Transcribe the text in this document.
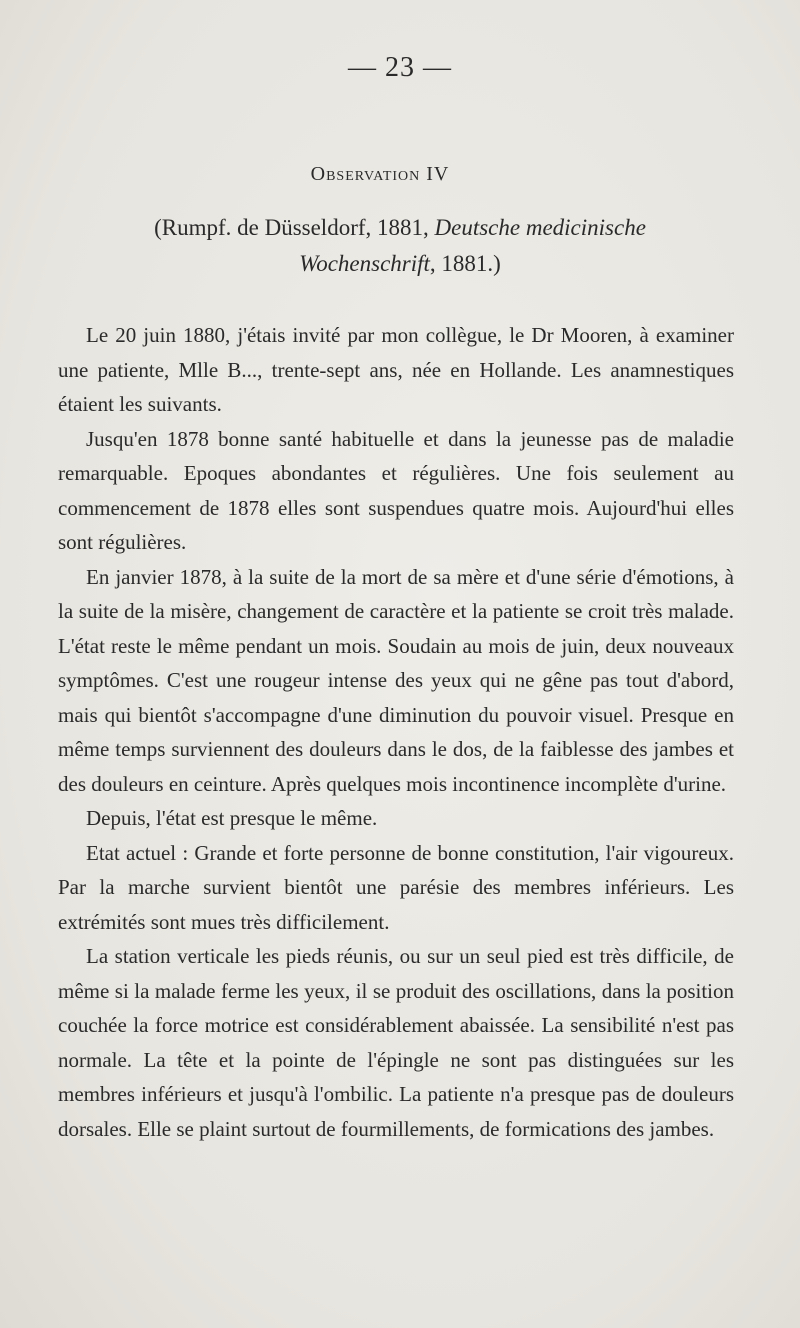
— 23 —
Observation IV
(Rumpf. de Düsseldorf, 1881, Deutsche medicinische Wochenschrift, 1881.)

Le 20 juin 1880, j'étais invité par mon collègue, le Dr Mooren, à examiner une patiente, Mlle B..., trente-sept ans, née en Hollande. Les anamnestiques étaient les suivants.

Jusqu'en 1878 bonne santé habituelle et dans la jeunesse pas de maladie remarquable. Epoques abondantes et régulières. Une fois seulement au commencement de 1878 elles sont suspendues quatre mois. Aujourd'hui elles sont régulières.

En janvier 1878, à la suite de la mort de sa mère et d'une série d'émotions, à la suite de la misère, changement de caractère et la patiente se croit très malade. L'état reste le même pendant un mois. Soudain au mois de juin, deux nouveaux symptômes. C'est une rougeur intense des yeux qui ne gêne pas tout d'abord, mais qui bientôt s'accompagne d'une diminution du pouvoir visuel. Presque en même temps surviennent des douleurs dans le dos, de la faiblesse des jambes et des douleurs en ceinture. Après quelques mois incontinence incomplète d'urine.

Depuis, l'état est presque le même.

Etat actuel : Grande et forte personne de bonne constitution, l'air vigoureux. Par la marche survient bientôt une parésie des membres inférieurs. Les extrémités sont mues très difficilement.

La station verticale les pieds réunis, ou sur un seul pied est très difficile, de même si la malade ferme les yeux, il se produit des oscillations, dans la position couchée la force motrice est considérablement abaissée. La sensibilité n'est pas normale. La tête et la pointe de l'épingle ne sont pas distinguées sur les membres inférieurs et jusqu'à l'ombilic. La patiente n'a presque pas de douleurs dorsales. Elle se plaint surtout de fourmillements, de formications des jambes.
